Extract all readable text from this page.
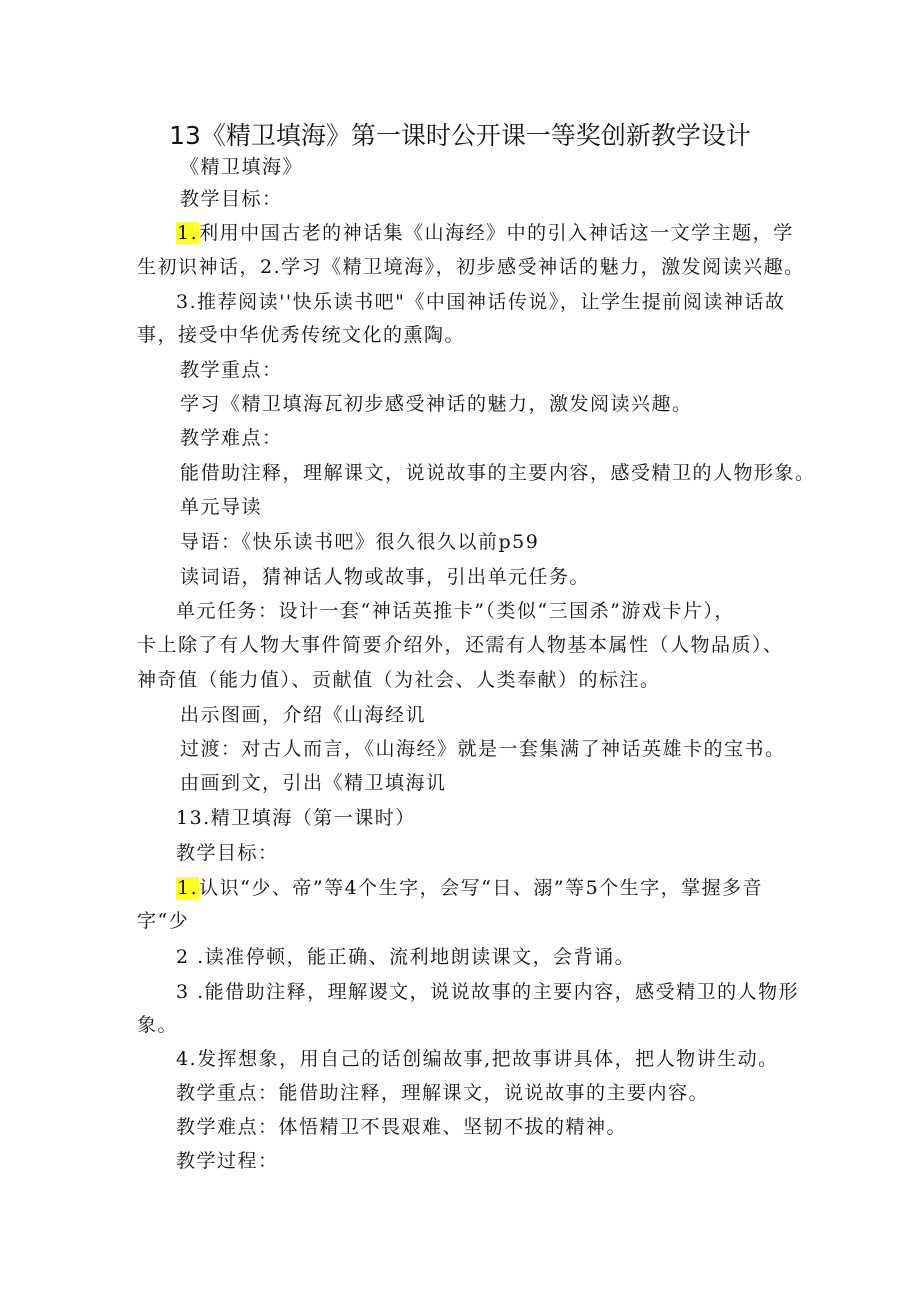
13《精卫填海》第一课时公开课一等奖创新教学设计
《精卫填海》
教学目标：
1.利用中国古老的神话集《山海经》中的引入神话这一文学主题，学
生初识神话，2.学习《精卫境海》，初步感受神话的魅力，激发阅读兴趣。
3.推荐阅读''快乐读书吧"《中国神话传说》，让学生提前阅读神话故
事，接受中华优秀传统文化的熏陶。
教学重点：
学习《精卫填海瓦初步感受神话的魅力，激发阅读兴趣。
教学难点：
能借助注释，理解课文，说说故事的主要内容，感受精卫的人物形象。
单元导读
导语：《快乐读书吧》很久很久以前p59
读词语，猜神话人物或故事，引出单元任务。
单元任务：设计一套“神话英推卡”（类似“三国杀”游戏卡片），
卡上除了有人物大事件简要介绍外，还需有人物基本属性（人物品质）、
神奇值（能力值）、贡献值（为社会、人类奉献）的标注。
出示图画，介绍《山海经讥
过渡：对古人而言，《山海经》就是一套集满了神话英雄卡的宝书。
由画到文，引出《精卫填海讥
13.精卫填海（第一课时）
教学目标：
1.认识“少、帝”等4个生字，会写“日、溺”等5个生字，掌握多音
字“少
2 .读准停顿，能正确、流利地朗读课文，会背诵。
3 .能借助注释，理解谡文，说说故事的主要内容，感受精卫的人物形
象。
4.发挥想象，用自己的话创编故事,把故事讲具体，把人物讲生动。
教学重点：能借助注释，理解课文，说说故事的主要内容。
教学难点：体悟精卫不畏艰难、坚韧不拔的精神。
教学过程：
